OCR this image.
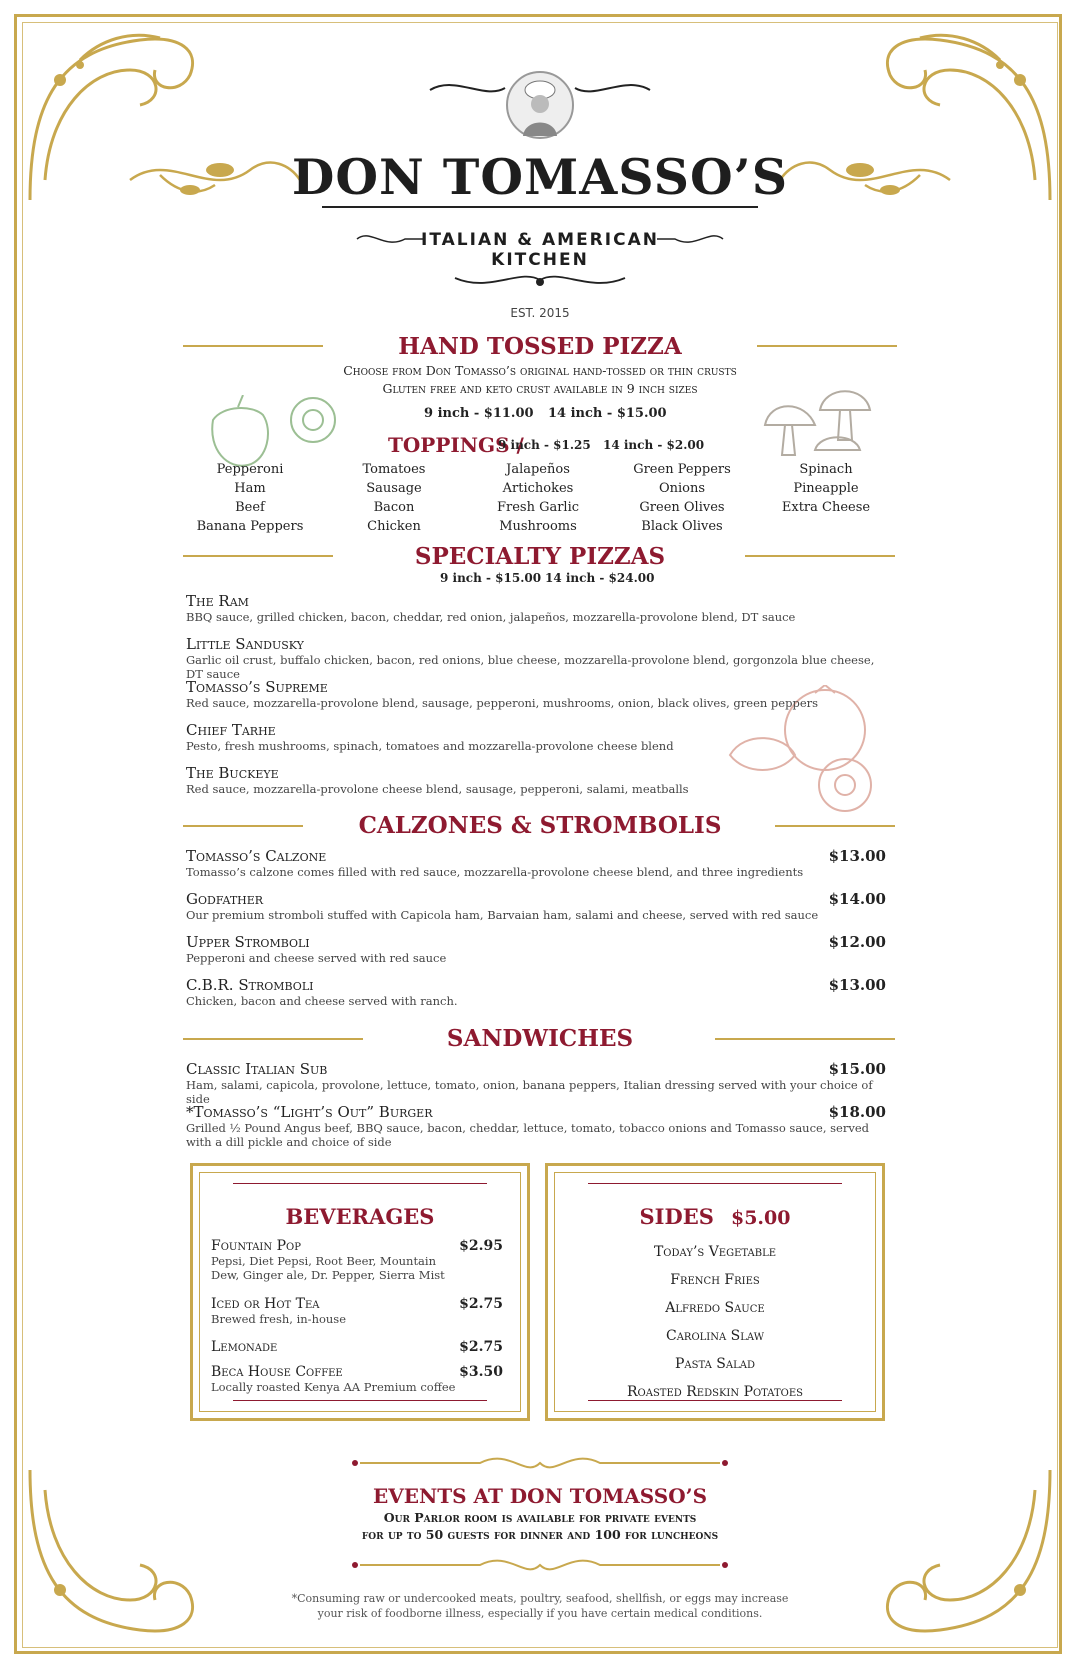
DON TOMASSO’S
ITALIAN & AMERICAN
KITCHEN
EST. 2015
HAND TOSSED PIZZA
Choose from Don Tomasso’s original hand-tossed or thin crusts
Gluten free and keto crust available in 9 inch sizes
9 inch - $11.00 14 inch - $15.00
TOPPINGS /
9 inch - $1.25 14 inch - $2.00
Pepperoni
Ham
Beef
Banana Peppers
Tomatoes
Sausage
Bacon
Chicken
Jalapeños
Artichokes
Fresh Garlic
Mushrooms
Green Peppers
Onions
Green Olives
Black Olives
Spinach
Pineapple
Extra Cheese
SPECIALTY PIZZAS
9 inch - $15.00 14 inch - $24.00
The Ram
BBQ sauce, grilled chicken, bacon, cheddar, red onion, jalapeños, mozzarella-provolone blend, DT sauce
Little Sandusky
Garlic oil crust, buffalo chicken, bacon, red onions, blue cheese, mozzarella-provolone blend, gorgonzola blue cheese, DT sauce
Tomasso’s Supreme
Red sauce, mozzarella-provolone blend, sausage, pepperoni, mushrooms, onion, black olives, green peppers
Chief Tarhe
Pesto, fresh mushrooms, spinach, tomatoes and mozzarella-provolone cheese blend
The Buckeye
Red sauce, mozzarella-provolone cheese blend, sausage, pepperoni, salami, meatballs
CALZONES & STROMBOLIS
Tomasso’s Calzone
Tomasso’s calzone comes filled with red sauce, mozzarella-provolone cheese blend, and three ingredients
$13.00
Godfather
Our premium stromboli stuffed with Capicola ham, Barvaian ham, salami and cheese, served with red sauce
$14.00
Upper Stromboli
Pepperoni and cheese served with red sauce
$12.00
C.B.R. Stromboli
Chicken, bacon and cheese served with ranch.
$13.00
SANDWICHES
Classic Italian Sub
Ham, salami, capicola, provolone, lettuce, tomato, onion, banana peppers, Italian dressing served with your choice of side
$15.00
*Tomasso’s “Light’s Out” Burger
Grilled ½ Pound Angus beef, BBQ sauce, bacon, cheddar, lettuce, tomato, tobacco onions and Tomasso sauce, served with a dill pickle and choice of side
$18.00
BEVERAGES
Fountain Pop
Pepsi, Diet Pepsi, Root Beer, Mountain Dew, Ginger ale, Dr. Pepper, Sierra Mist
$2.95
Iced or Hot Tea
Brewed fresh, in-house
$2.75
Lemonade	$2.75
Beca House Coffee
Locally roasted Kenya AA Premium coffee
$3.50
SIDES $5.00
Today’s Vegetable
French Fries
Alfredo Sauce
Carolina Slaw
Pasta Salad
Roasted Redskin Potatoes
EVENTS AT DON TOMASSO’S
Our Parlor room is available for private events
for up to 50 guests for dinner and 100 for luncheons
*Consuming raw or undercooked meats, poultry, seafood, shellfish, or eggs may increase
your risk of foodborne illness, especially if you have certain medical conditions.
